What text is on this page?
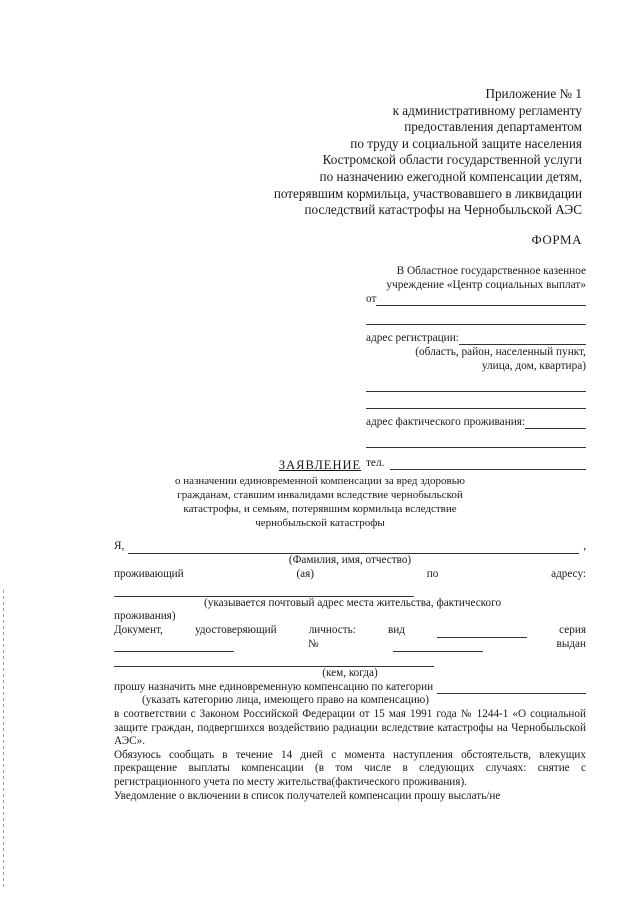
Приложение № 1
к административному регламенту
предоставления департаментом
по труду и социальной защите населения
Костромской области государственной услуги
по назначению ежегодной компенсации детям,
потерявшим кормильца, участвовавшего в ликвидации
последствий катастрофы на Чернобыльской АЭС
ФОРМА
В Областное государственное казенное
учреждение «Центр социальных выплат»
от
адрес регистрации:
(область, район, населенный пункт,
улица, дом, квартира)
адрес фактического проживания:
тел.
ЗАЯВЛЕНИЕ
о назначении единовременной компенсации за вред здоровью гражданам, ставшим инвалидами вследствие чернобыльской катастрофы, и семьям, потерявшим кормильца вследствие чернобыльской катастрофы
Я,	,
(Фамилия, имя, отчество)
проживающий	(ая)	по	адресу:
(указывается почтовый адрес места жительства, фактического
проживания)
Документ,	удостоверяющий	личность:	вид	серия
№	выдан
(кем, когда)
прошу назначить мне единовременную компенсацию по категории
(указать категорию лица, имеющего право на компенсацию)
в соответствии с Законом Российской Федерации от 15 мая 1991 года № 1244-1 «О социальной защите граждан, подвергшихся воздействию радиации вследствие катастрофы на Чернобыльской АЭС».
Обязуюсь сообщать в течение 14 дней с момента наступления обстоятельств, влекущих прекращение выплаты компенсации (в том числе в следующих случаях: снятие с регистрационного учета по месту жительства(фактического проживания).
Уведомление о включении в список получателей компенсации прошу выслать/не
